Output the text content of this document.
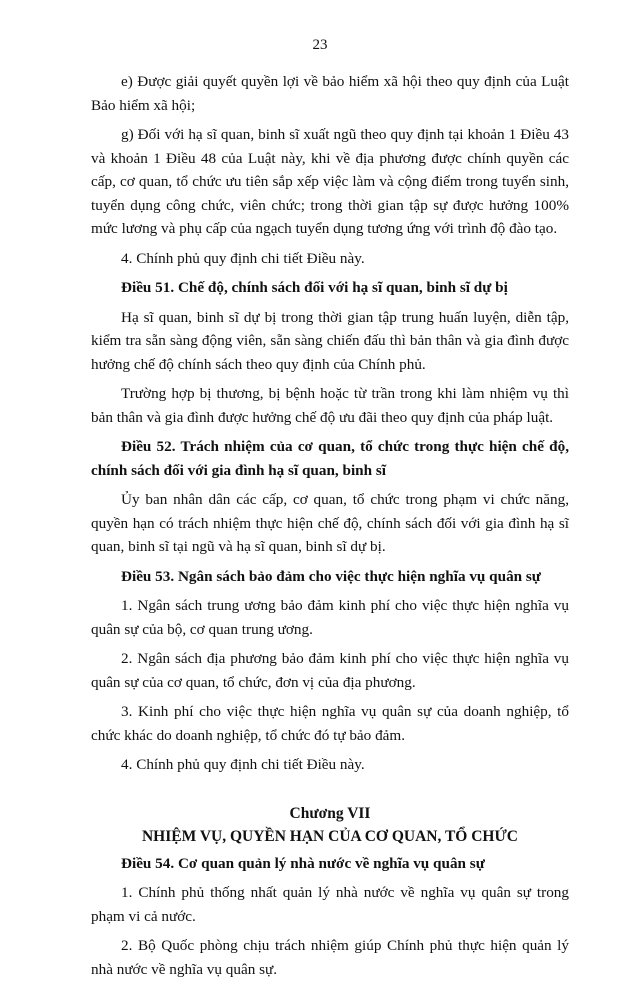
23

e) Được giải quyết quyền lợi về bảo hiểm xã hội theo quy định của Luật Bảo hiểm xã hội;

g) Đối với hạ sĩ quan, binh sĩ xuất ngũ theo quy định tại khoản 1 Điều 43 và khoản 1 Điều 48 của Luật này, khi về địa phương được chính quyền các cấp, cơ quan, tổ chức ưu tiên sắp xếp việc làm và cộng điểm trong tuyển sinh, tuyển dụng công chức, viên chức; trong thời gian tập sự được hưởng 100% mức lương và phụ cấp của ngạch tuyển dụng tương ứng với trình độ đào tạo.

4. Chính phủ quy định chi tiết Điều này.

Điều 51. Chế độ, chính sách đối với hạ sĩ quan, binh sĩ dự bị

Hạ sĩ quan, binh sĩ dự bị trong thời gian tập trung huấn luyện, diễn tập, kiểm tra sẵn sàng động viên, sẵn sàng chiến đấu thì bản thân và gia đình được hưởng chế độ chính sách theo quy định của Chính phủ.

Trường hợp bị thương, bị bệnh hoặc từ trần trong khi làm nhiệm vụ thì bản thân và gia đình được hưởng chế độ ưu đãi theo quy định của pháp luật.

Điều 52. Trách nhiệm của cơ quan, tổ chức trong thực hiện chế độ, chính sách đối với gia đình hạ sĩ quan, binh sĩ

Ủy ban nhân dân các cấp, cơ quan, tổ chức trong phạm vi chức năng, quyền hạn có trách nhiệm thực hiện chế độ, chính sách đối với gia đình hạ sĩ quan, binh sĩ tại ngũ và hạ sĩ quan, binh sĩ dự bị.

Điều 53. Ngân sách bảo đảm cho việc thực hiện nghĩa vụ quân sự

1. Ngân sách trung ương bảo đảm kinh phí cho việc thực hiện nghĩa vụ quân sự của bộ, cơ quan trung ương.

2. Ngân sách địa phương bảo đảm kinh phí cho việc thực hiện nghĩa vụ quân sự của cơ quan, tổ chức, đơn vị của địa phương.

3. Kinh phí cho việc thực hiện nghĩa vụ quân sự của doanh nghiệp, tổ chức khác do doanh nghiệp, tổ chức đó tự bảo đảm.

4. Chính phủ quy định chi tiết Điều này.

Chương VII

NHIỆM VỤ, QUYỀN HẠN CỦA CƠ QUAN, TỔ CHỨC

Điều 54. Cơ quan quản lý nhà nước về nghĩa vụ quân sự

1. Chính phủ thống nhất quản lý nhà nước về nghĩa vụ quân sự trong phạm vi cả nước.

2. Bộ Quốc phòng chịu trách nhiệm giúp Chính phủ thực hiện quản lý nhà nước về nghĩa vụ quân sự.
